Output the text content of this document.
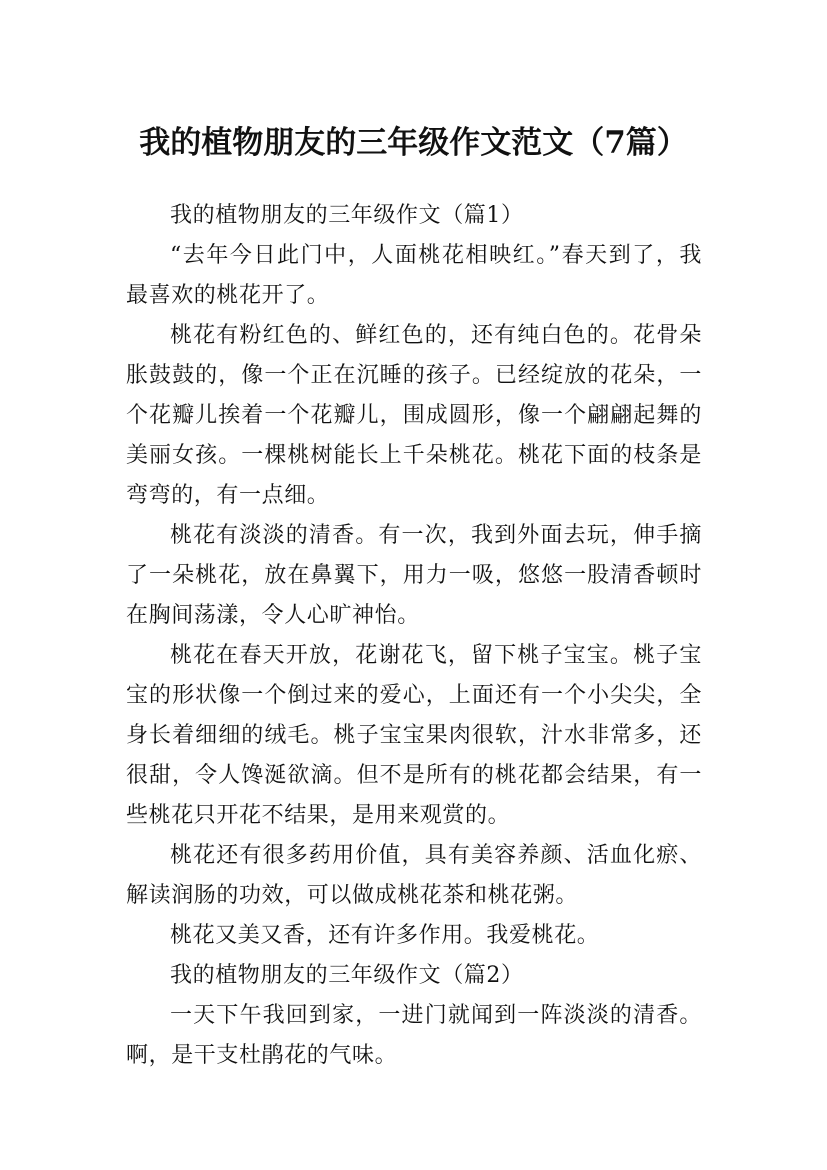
我的植物朋友的三年级作文范文（7篇）

我的植物朋友的三年级作文（篇1）

“去年今日此门中，人面桃花相映红。”春天到了，我最喜欢的桃花开了。

桃花有粉红色的、鲜红色的，还有纯白色的。花骨朵胀鼓鼓的，像一个正在沉睡的孩子。已经绽放的花朵，一个花瓣儿挨着一个花瓣儿，围成圆形，像一个翩翩起舞的美丽女孩。一棵桃树能长上千朵桃花。桃花下面的枝条是弯弯的，有一点细。

桃花有淡淡的清香。有一次，我到外面去玩，伸手摘了一朵桃花，放在鼻翼下，用力一吸，悠悠一股清香顿时在胸间荡漾，令人心旷神怡。

桃花在春天开放，花谢花飞，留下桃子宝宝。桃子宝宝的形状像一个倒过来的爱心，上面还有一个小尖尖，全身长着细细的绒毛。桃子宝宝果肉很软，汁水非常多，还很甜，令人馋涎欲滴。但不是所有的桃花都会结果，有一些桃花只开花不结果，是用来观赏的。

桃花还有很多药用价值，具有美容养颜、活血化瘀、解读润肠的功效，可以做成桃花茶和桃花粥。

桃花又美又香，还有许多作用。我爱桃花。

我的植物朋友的三年级作文（篇2）

一天下午我回到家，一进门就闻到一阵淡淡的清香。啊，是干支杜鹃花的气味。
